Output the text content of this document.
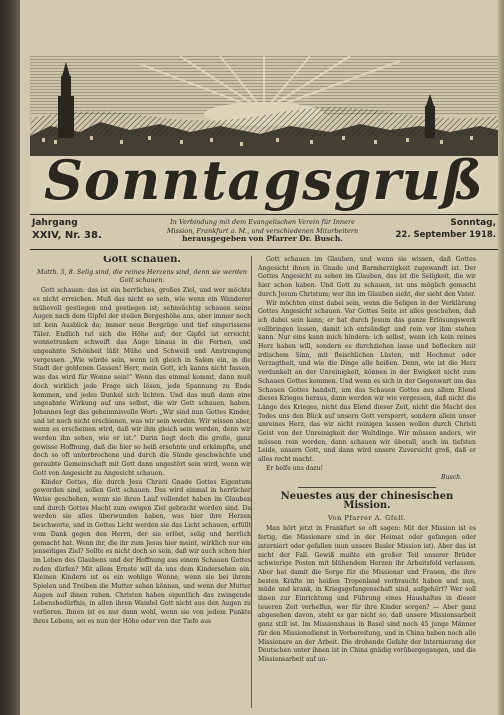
Sonntagsgruß
Jahrgang
XXIV, Nr. 38.
In Verbindung mit dem Evangelischen Verein für Innere
Mission, Frankfurt a. M., und verschiedenen Mitarbeitern
herausgegeben von Pfarrer Dr. Busch.
Sonntag,
22. September 1918.
Gott schauen.
Matth. 5, 8. Selig sind, die reines Herzens sind, denn sie werden Gott schauen.

Gott schauen: das ist ein herrliches, großes Ziel, und wer möchte es nicht erreichen. Muß das nicht so sein, wie wenn ein Wanderer mühevoll gestiegen und gestiegen ist; sehnsüchtig schauen seine Augen nach dem Gipfel der steilen Bergeshöhe aus, aber immer noch ist kein Ausblick da; immer neue Bergzüge und tief eingerissene Täler. Endlich tut sich die Höhe auf; der Gipfel ist erreicht; wonnetrunken schweift das Auge hinaus in die Fernen, und ungeahnte Schönheit läßt Mühe und Schweiß und Anstrengung vergessen. „Wie würde sein, wenn ich gleich in Salem ein, in die Stadt der goldenen Gassen! Herr, mein Gott, ich kanns nicht fassen, was das wird für Wonne sein!“ Wenn das einmal kommt, dann muß doch wirklich jede Frage sich lösen, jede Spannung zu Ende kommen, und jedes Dunkel sich lichten. Und das muß dann eine ungeahnte Wirkung auf uns selbst, die wir Gott schauen, haben. Johannes legt das geheimnisvolle Wort: „Wir sind nun Gottes Kinder, und ist noch nicht erschienen, was wir sein werden. Wir wissen aber, wenn es erscheinen wird, daß wir ihm gleich sein werden, denn wir werden ihn sehen, wie er ist.“ Darin liegt doch die große, ganz gewisse Hoffnung, daß die hier so heiß ersehnte und erkämpfte, und doch so oft unterbrochene und durch die Sünde geschwächte und geraubte Gemeinschaft mit Gott dann ungestört sein wird, wenn wir Gott von Angesicht zu Angesicht schauen.

Kinder Gottes, die durch Jesu Christi Gnade Gottes Eigentum geworden sind, sollen Gott schauen. Das wird einmal in herrlicher Weise geschehen, wenn sie ihren Lauf vollendet haben im Glauben und durch Gottes Macht zum ewigen Ziel gebracht worden sind. Da werden sie alles überwunden haben, was hier ihre Herzen beschwerte, und in Gottes Licht werden sie das Licht schauen, erfüllt vom Dank gegen den Herrn, der sie erlöst, selig und herrlich gemacht hat. Wenn ihr, die ihr zum Jesus hier meint, wirklich nur ein jenseitiges Ziel? Sollte es nicht doch so sein, daß wir auch schon hier im Leben des Glaubens und der Hoffnung aus einem Schauen Gottes reden dürfen? Mit allem Ernste will da uns dem Kindersehen ein. Kleinen Kindern ist es ein wohlige Wonne, wenn sie bei ihrem Spielen und Treiben die Mutter sehen können, und wenn der Mutter Augen auf ihnen ruhen. Christen haben eigentlich das zwingende Lebensbedürfnis, in allen ihren Wandel Gott nicht aus den Augen zu verlieren. Ihnen ist es nur dann wohl, wenn sie von jedem Punkte ihres Lebens, sei es nun der Höhe oder von der Tiefe aus

Gott schauen im Glauben, und wenn sie wissen, daß Gottes Angesicht ihnen in Gnade und Barmherzigkeit zugewandt ist. Der Gottes Angesicht zu sehen im Glauben, das ist die Seligkeit, die wir hier schon haben. Und Gott zu schauen, ist uns möglich gemacht durch Jesum Christum; wer ihn im Glauben sieht, der sieht den Vater.

Wir möchten einst dabei sein, wenn die Seligen in der Verklärung Gottes Angesicht schauen. Vor Gottes Seite ist alles geschehen, daß ich dabei sein kann; er hat durch Jesum das ganze Erlösungswerk vollbringen lassen, damit ich entsündigt und rein vor ihm stehen kann. Nur eins kann mich hindern: ich selbst, wenn ich kein reines Herz haben will, sondern es durchziehen lasse und beflecken mit irdischem Sinn, mit fleischlichen Lüsten, mit Hochmut oder Verzagtheit, und wie die Dinge alle heißen. Denn, wie ist die Herz verdunkelt an der Unreinigkeit, können in der Ewigkeit nicht zum Schauen Gottes kommen. Und wenn es sich in der Gegenwart um das Schauen Gottes handelt, um das Schauen Gottes aus allem Elend dieses Krieges heraus, dann werden wir wie vergessen, daß nicht die Länge des Krieges, nicht das Elend dieser Zeit, nicht die Macht des Todes uns den Blick auf unsern Gott versperrt, sondern allein unser unreines Herz, das wir nicht reinigen lassen wollen durch Christi Geist von der Unreinigkeit der Weltdinge. Wir müssen anders, wir müssen rein werden, dann schauen wir überall, auch im tiefsten Leide, unsern Gott, und dann wird unsere Zuversicht groß, daß er alles recht macht.

Er helfe uns dazu!

Busch.
Neuestes aus der chinesischen Mission.
Von Pfarrer A. Gfell.

Man hört jetzt in Frankfurt so oft sagen: Mit der Mission ist es fertig, die Missionare sind in der Heimat oder gefangen oder interniert oder gefallen (nun unsere Basler Mission ist). Aber das ist nicht der Fall. Gewiß mußte ein großer Teil unserer Brüder schwierige Posten mit blühendem Herzen ihr Arbeitsfeld verlassen. Aber hat damit die Sorge für die Missionar und Frauen, die ihre besten Kräfte im heißen Tropenland verbraucht haben und nun, müde und krank, in Kriegsgefangenschaft sind, aufgehört? Wer soll ihnen zur Einrichtung und Führung eines Haushaltes in dieser teueren Zeit verhelfen, wer für ihre Kinder sorgen? — Aber ganz abgesehen davon, steht es gar nicht so, daß unsere Missionsarbeit ganz still ist. Im Missionshaus in Basel sind noch 45 junge Männer für den Missionsdienst in Vorbereitung, und in China haben noch alle Missionare an der Arbeit. Die drohende Gefahr der Internierung der Deutschen unter ihnen ist in China gnädig vorübergegangen, und die Missionsarbeit auf un-
